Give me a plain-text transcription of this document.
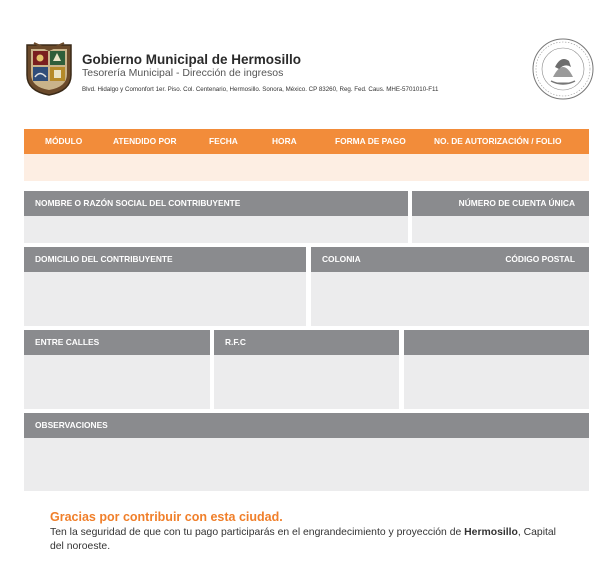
Gobierno Municipal de Hermosillo
Tesorería Municipal - Dirección de ingresos
Blvd. Hidalgo y Comonfort 1er. Piso. Col. Centenario, Hermosillo. Sonora, México. CP 83260, Reg. Fed. Caus. MHE-5701010-F11
MÓDULO	ATENDIDO POR	FECHA	HORA	FORMA DE PAGO	NO. DE AUTORIZACIÓN / FOLIO
NOMBRE O RAZÓN SOCIAL DEL CONTRIBUYENTE	NÚMERO DE CUENTA ÚNICA
DOMICILIO DEL CONTRIBUYENTE	COLONIA	CÓDIGO POSTAL
ENTRE CALLES	R.F.C
OBSERVACIONES
Gracias por contribuir con esta ciudad.
Ten la seguridad de que con tu pago participarás en el engrandecimiento y proyección de Hermosillo, Capital del noroeste.
